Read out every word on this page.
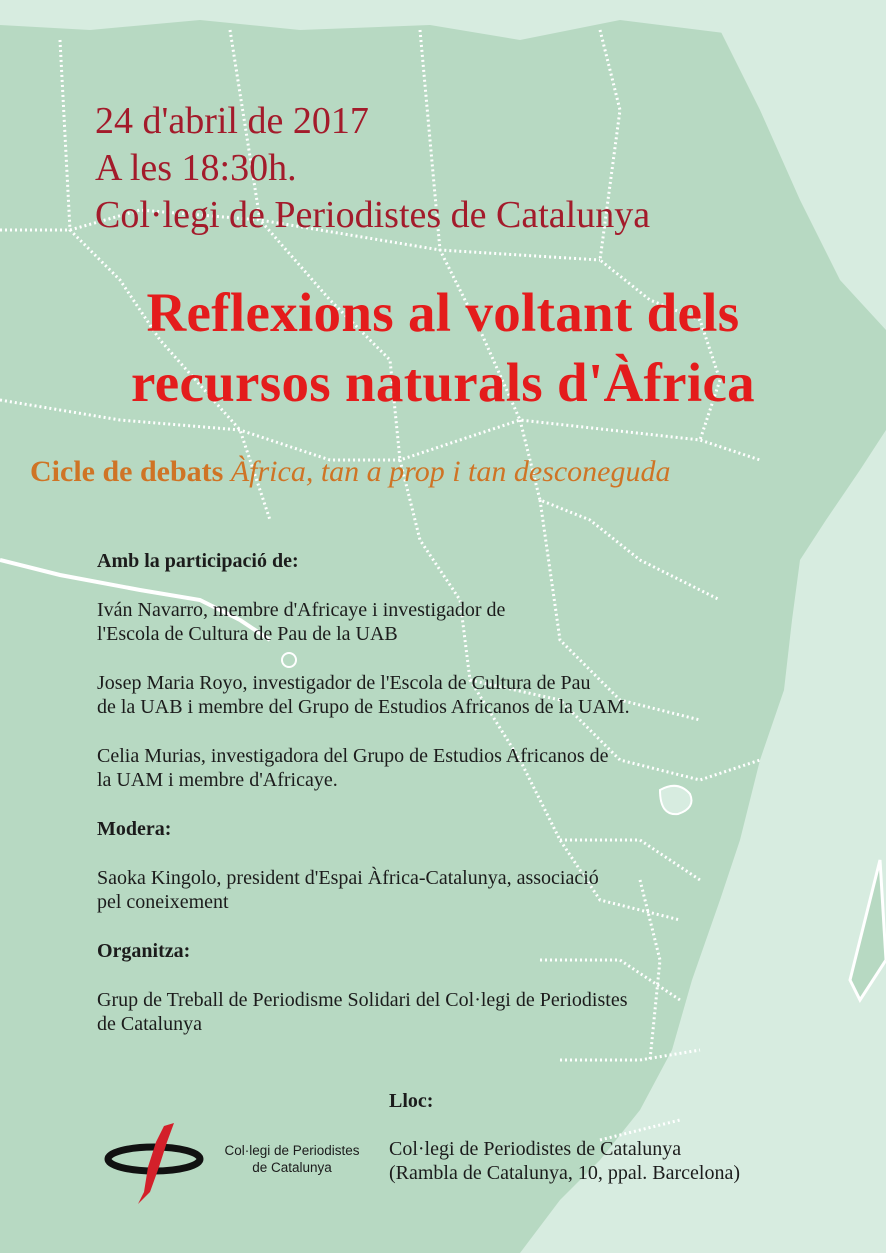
24 d'abril de 2017
A les 18:30h.
Col·legi de Periodistes de Catalunya
Reflexions al voltant dels
recursos naturals d'Àfrica
Cicle de debats Àfrica, tan a prop i tan desconeguda

Amb la participació de:

Iván Navarro, membre d'Africaye i investigador de
l'Escola de Cultura de Pau de la UAB

Josep Maria Royo, investigador de l'Escola de Cultura de Pau
de la UAB i membre del Grupo de Estudios Africanos de la UAM.

Celia Murias, investigadora del Grupo de Estudios Africanos de
la UAM i membre d'Africaye.

Modera:

Saoka Kingolo, president d'Espai Àfrica-Catalunya, associació
pel coneixement

Organitza:

Grup de Treball de Periodisme Solidari del Col·legi de Periodistes
de Catalunya

Lloc:
Col·legi de Periodistes de Catalunya
(Rambla de Catalunya, 10, ppal. Barcelona)
Col·legi de Periodistes
de Catalunya
